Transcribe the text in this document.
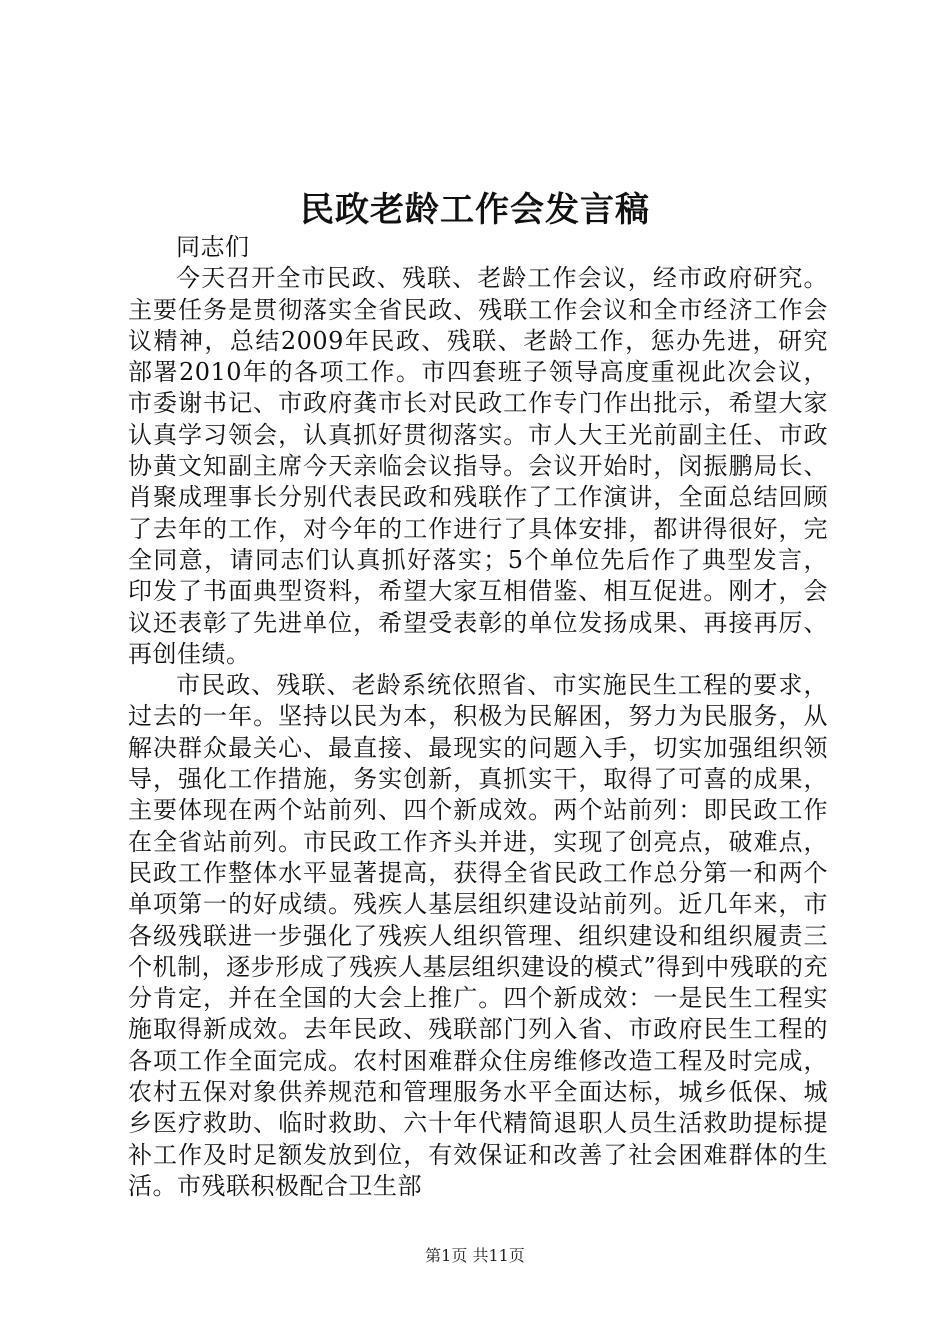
民政老龄工作会发言稿

同志们

今天召开全市民政、残联、老龄工作会议，经市政府研究。主要任务是贯彻落实全省民政、残联工作会议和全市经济工作会议精神，总结2009年民政、残联、老龄工作，惩办先进，研究部署2010年的各项工作。市四套班子领导高度重视此次会议，市委谢书记、市政府龚市长对民政工作专门作出批示，希望大家认真学习领会，认真抓好贯彻落实。市人大王光前副主任、市政协黄文知副主席今天亲临会议指导。会议开始时，闵振鹏局长、肖聚成理事长分别代表民政和残联作了工作演讲，全面总结回顾了去年的工作，对今年的工作进行了具体安排，都讲得很好，完全同意，请同志们认真抓好落实；5个单位先后作了典型发言，印发了书面典型资料，希望大家互相借鉴、相互促进。刚才，会议还表彰了先进单位，希望受表彰的单位发扬成果、再接再厉、再创佳绩。

市民政、残联、老龄系统依照省、市实施民生工程的要求，过去的一年。坚持以民为本，积极为民解困，努力为民服务，从解决群众最关心、最直接、最现实的问题入手，切实加强组织领导，强化工作措施，务实创新，真抓实干，取得了可喜的成果，主要体现在两个站前列、四个新成效。两个站前列：即民政工作在全省站前列。市民政工作齐头并进，实现了创亮点，破难点，民政工作整体水平显著提高，获得全省民政工作总分第一和两个单项第一的好成绩。残疾人基层组织建设站前列。近几年来，市各级残联进一步强化了残疾人组织管理、组织建设和组织履责三个机制，逐步形成了残疾人基层组织建设的模式”得到中残联的充分肯定，并在全国的大会上推广。四个新成效：一是民生工程实施取得新成效。去年民政、残联部门列入省、市政府民生工程的各项工作全面完成。农村困难群众住房维修改造工程及时完成，农村五保对象供养规范和管理服务水平全面达标，城乡低保、城乡医疗救助、临时救助、六十年代精简退职人员生活救助提标提补工作及时足额发放到位，有效保证和改善了社会困难群体的生活。市残联积极配合卫生部

第1页 共11页
